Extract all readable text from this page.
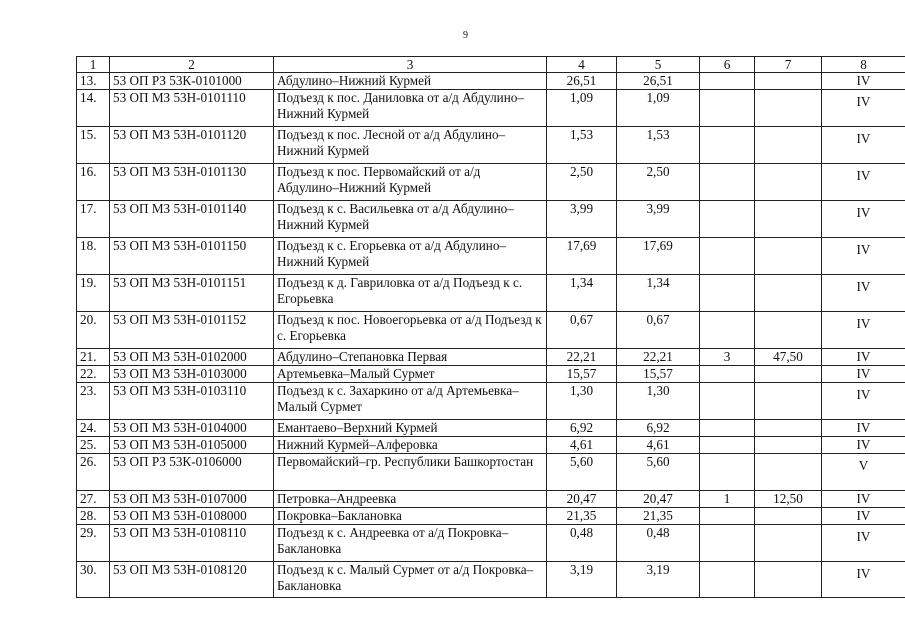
9
1	2	3	4	5	6	7	8
13.	53 ОП РЗ 53К-0101000	Абдулино–Нижний Курмей	26,51	26,51			IV
14.	53 ОП МЗ 53Н-0101110	Подъезд к пос. Даниловка от а/д Абдулино–Нижний Курмей	1,09	1,09			IV
15.	53 ОП МЗ 53Н-0101120	Подъезд к пос. Лесной от а/д Абдулино–Нижний Курмей	1,53	1,53			IV
16.	53 ОП МЗ 53Н-0101130	Подъезд к пос. Первомайский от а/д Абдулино–Нижний Курмей	2,50	2,50			IV
17.	53 ОП МЗ 53Н-0101140	Подъезд к с. Васильевка от а/д Абдулино–Нижний Курмей	3,99	3,99			IV
18.	53 ОП МЗ 53Н-0101150	Подъезд к с. Егорьевка от а/д Абдулино–Нижний Курмей	17,69	17,69			IV
19.	53 ОП МЗ 53Н-0101151	Подъезд к д. Гавриловка от а/д Подъезд к с. Егорьевка	1,34	1,34			IV
20.	53 ОП МЗ 53Н-0101152	Подъезд к пос. Новоегорьевка от а/д Подъезд к с. Егорьевка	0,67	0,67			IV
21.	53 ОП МЗ 53Н-0102000	Абдулино–Степановка Первая	22,21	22,21	3	47,50	IV
22.	53 ОП МЗ 53Н-0103000	Артемьевка–Малый Сурмет	15,57	15,57			IV
23.	53 ОП МЗ 53Н-0103110	Подъезд к с. Захаркино от а/д Артемьевка–Малый Сурмет	1,30	1,30			IV
24.	53 ОП МЗ 53Н-0104000	Емантаево–Верхний Курмей	6,92	6,92			IV
25.	53 ОП МЗ 53Н-0105000	Нижний Курмей–Алферовка	4,61	4,61			IV
26.	53 ОП РЗ 53К-0106000	Первомайский–гр. Республики Башкортостан	5,60	5,60			V
27.	53 ОП МЗ 53Н-0107000	Петровка–Андреевка	20,47	20,47	1	12,50	IV
28.	53 ОП МЗ 53Н-0108000	Покровка–Баклановка	21,35	21,35			IV
29.	53 ОП МЗ 53Н-0108110	Подъезд к с. Андреевка от а/д Покровка–Баклановка	0,48	0,48			IV
30.	53 ОП МЗ 53Н-0108120	Подъезд к с. Малый Сурмет от а/д Покровка–Баклановка	3,19	3,19			IV
